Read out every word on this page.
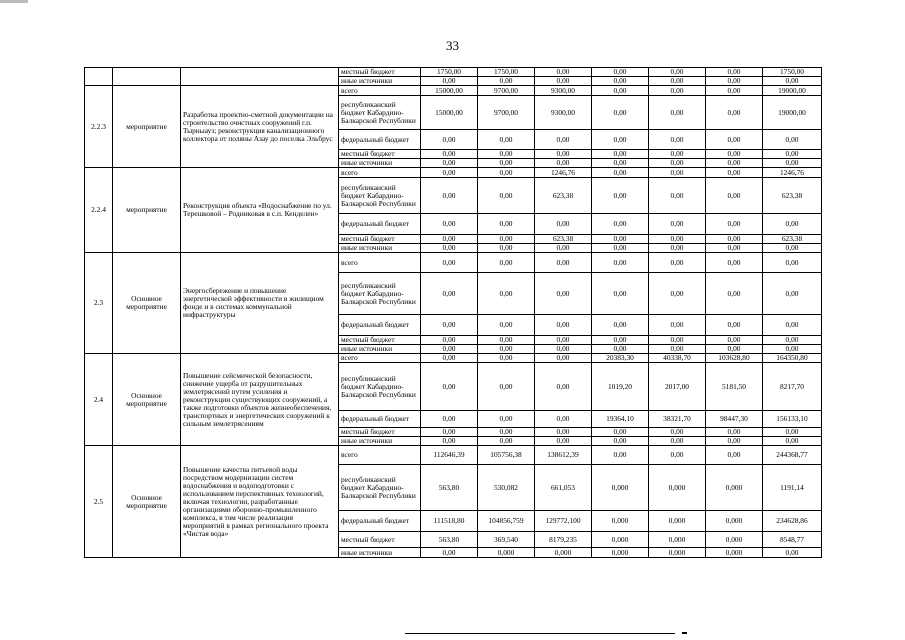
33
			местный бюджет	1750,00	1750,00	0,00	0,00	0,00	0,00	1750,00
			иные источники	0,00	0,00	0,00	0,00	0,00	0,00	0,00
2.2.3	мероприятие	Разработка проектно-сметной документации на строительство очистных сооружений г.п. Тырныауз; реконструкция канализационного коллектора от поляны Азау до поселка Эльбрус	всего	15000,00	9700,00	9300,00	0,00	0,00	0,00	19000,00
			республиканский бюджет Кабардино-Балкарской Республики	15000,00	9700,00	9300,00	0,00	0,00	0,00	19000,00
			федеральный бюджет	0,00	0,00	0,00	0,00	0,00	0,00	0,00
			местный бюджет	0,00	0,00	0,00	0,00	0,00	0,00	0,00
			иные источники	0,00	0,00	0,00	0,00	0,00	0,00	0,00
2.2.4	мероприятие	Реконструкция объекта «Водоснабжение по ул. Терешковой – Родниковая в с.п. Кенделен»	всего	0,00	0,00	1246,76	0,00	0,00	0,00	1246,76
			республиканский бюджет Кабардино-Балкарской Республики	0,00	0,00	623,38	0,00	0,00	0,00	623,38
			федеральный бюджет	0,00	0,00	0,00	0,00	0,00	0,00	0,00
			местный бюджет	0,00	0,00	623,38	0,00	0,00	0,00	623,38
			иные источники	0,00	0,00	0,00	0,00	0,00	0,00	0,00
2.3	Основное мероприятие	Энергосбережение и повышение энергетической эффективности в жилищном фонде и в системах коммунальной инфраструктуры	всего	0,00	0,00	0,00	0,00	0,00	0,00	0,00
			республиканский бюджет Кабардино-Балкарской Республики	0,00	0,00	0,00	0,00	0,00	0,00	0,00
			федеральный бюджет	0,00	0,00	0,00	0,00	0,00	0,00	0,00
			местный бюджет	0,00	0,00	0,00	0,00	0,00	0,00	0,00
			иные источники	0,00	0,00	0,00	0,00	0,00	0,00	0,00
2.4	Основное мероприятие	Повышение сейсмической безопасности, снижение ущерба от разрушительных землетрясений путем усиления и реконструкции существующих сооружений, а также подготовки объектов жизнеобеспечения, транспортных и энергетических сооружений к сильным землетрясениям	всего	0,00	0,00	0,00	20383,30	40338,70	103628,80	164350,80
			республиканский бюджет Кабардино-Балкарской Республики	0,00	0,00	0,00	1019,20	2017,00	5181,50	8217,70
			федеральный бюджет	0,00	0,00	0,00	19364,10	38321,70	98447,30	156133,10
			местный бюджет	0,00	0,00	0,00	0,00	0,00	0,00	0,00
			иные источники	0,00	0,00	0,00	0,00	0,00	0,00	0,00
2.5	Основное мероприятие	Повышение качества питьевой воды посредством модернизации систем водоснабжения и водоподготовки с использованием перспективных технологий, включая технологии, разработанные организациями оборонно-промышленного комплекса, в том числе реализация мероприятий в рамках регионального проекта «Чистая вода»	всего	112646,39	105756,38	138612,39	0,00	0,00	0,00	244368,77
			республиканский бюджет Кабардино-Балкарской Республики	563,80	530,082	661,053	0,000	0,000	0,000	1191,14
			федеральный бюджет	111518,80	104856,759	129772,100	0,000	0,000	0,000	234628,86
			местный бюджет	563,80	369,540	8179,235	0,000	0,000	0,000	8548,77
			иные источники	0,00	0,000	0,000	0,000	0,000	0,000	0,00
